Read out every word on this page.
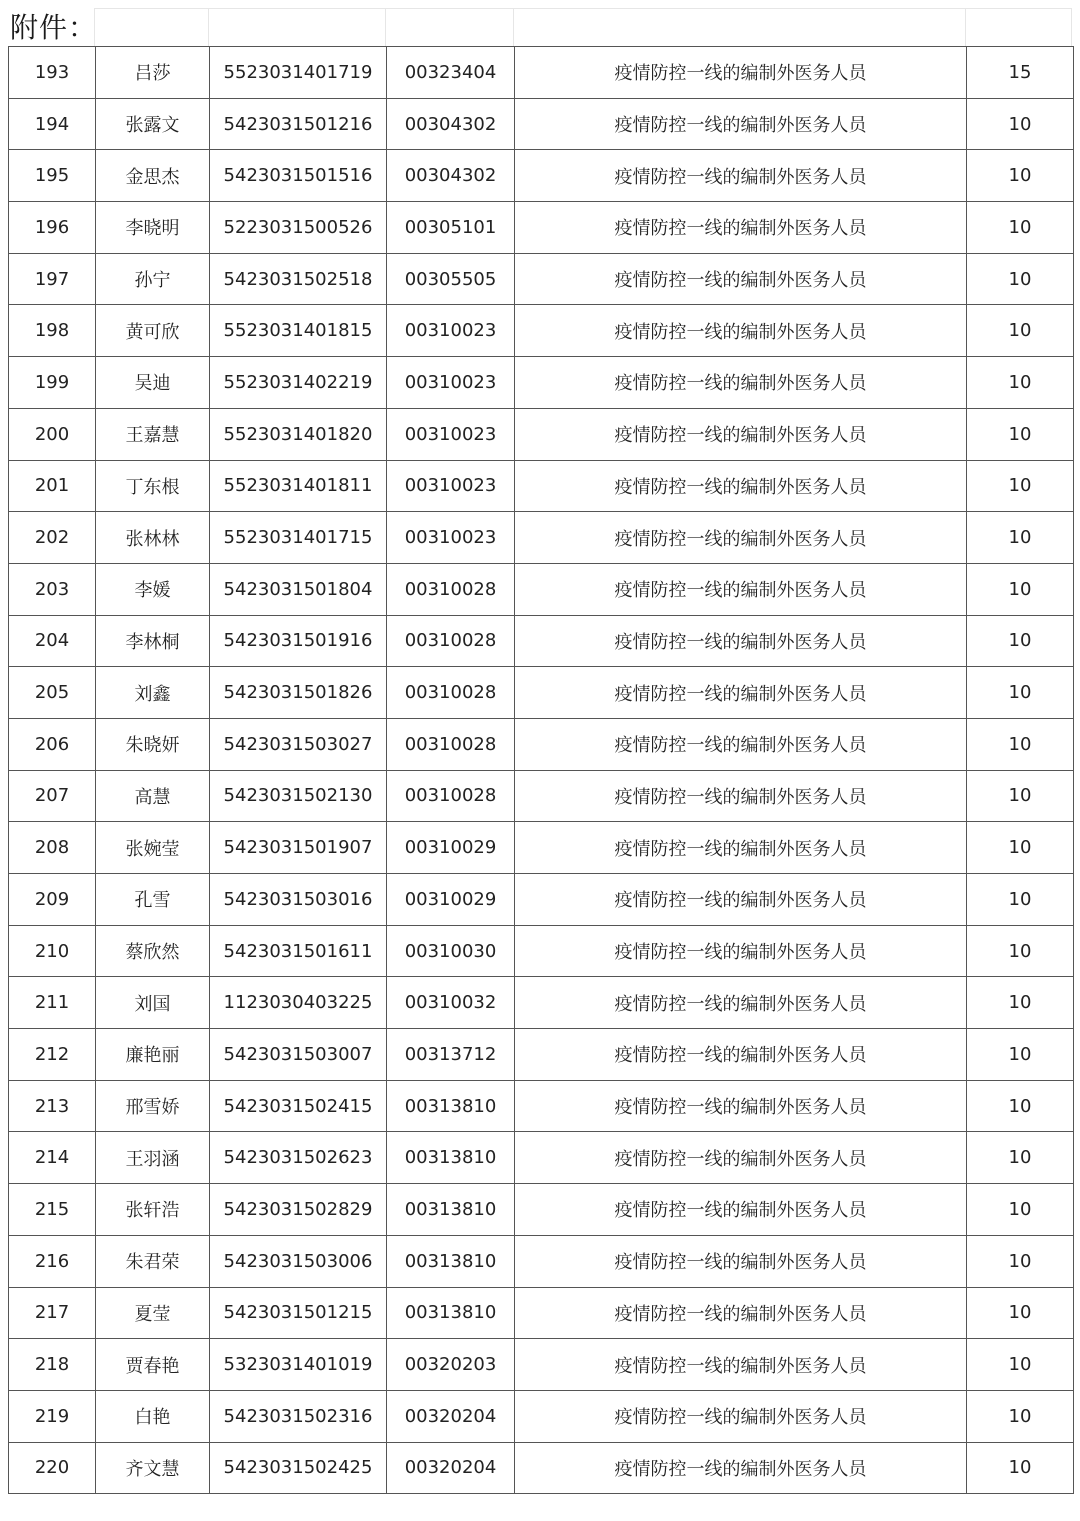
附件：
193	吕莎	5523031401719	00323404	疫情防控一线的编制外医务人员	15
194	张露文	5423031501216	00304302	疫情防控一线的编制外医务人员	10
195	金思杰	5423031501516	00304302	疫情防控一线的编制外医务人员	10
196	李晓明	5223031500526	00305101	疫情防控一线的编制外医务人员	10
197	孙宁	5423031502518	00305505	疫情防控一线的编制外医务人员	10
198	黄可欣	5523031401815	00310023	疫情防控一线的编制外医务人员	10
199	吴迪	5523031402219	00310023	疫情防控一线的编制外医务人员	10
200	王嘉慧	5523031401820	00310023	疫情防控一线的编制外医务人员	10
201	丁东根	5523031401811	00310023	疫情防控一线的编制外医务人员	10
202	张林林	5523031401715	00310023	疫情防控一线的编制外医务人员	10
203	李媛	5423031501804	00310028	疫情防控一线的编制外医务人员	10
204	李林桐	5423031501916	00310028	疫情防控一线的编制外医务人员	10
205	刘鑫	5423031501826	00310028	疫情防控一线的编制外医务人员	10
206	朱晓妍	5423031503027	00310028	疫情防控一线的编制外医务人员	10
207	高慧	5423031502130	00310028	疫情防控一线的编制外医务人员	10
208	张婉莹	5423031501907	00310029	疫情防控一线的编制外医务人员	10
209	孔雪	5423031503016	00310029	疫情防控一线的编制外医务人员	10
210	蔡欣然	5423031501611	00310030	疫情防控一线的编制外医务人员	10
211	刘国	1123030403225	00310032	疫情防控一线的编制外医务人员	10
212	廉艳丽	5423031503007	00313712	疫情防控一线的编制外医务人员	10
213	邢雪娇	5423031502415	00313810	疫情防控一线的编制外医务人员	10
214	王羽涵	5423031502623	00313810	疫情防控一线的编制外医务人员	10
215	张轩浩	5423031502829	00313810	疫情防控一线的编制外医务人员	10
216	朱君荣	5423031503006	00313810	疫情防控一线的编制外医务人员	10
217	夏莹	5423031501215	00313810	疫情防控一线的编制外医务人员	10
218	贾春艳	5323031401019	00320203	疫情防控一线的编制外医务人员	10
219	白艳	5423031502316	00320204	疫情防控一线的编制外医务人员	10
220	齐文慧	5423031502425	00320204	疫情防控一线的编制外医务人员	10
